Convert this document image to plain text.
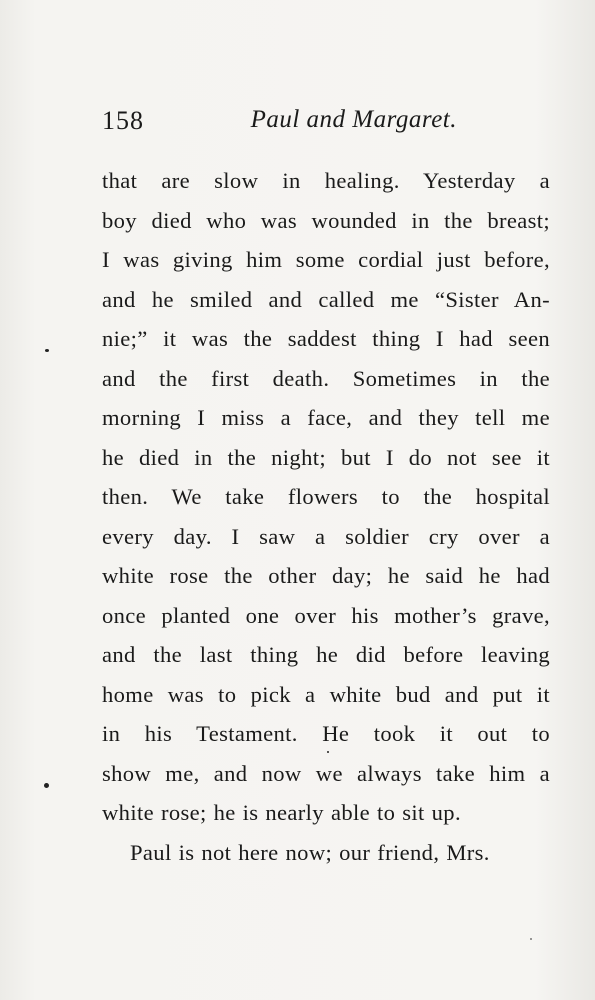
158	Paul and Margaret.
that are slow in healing. Yesterday a
boy died who was wounded in the breast;
I was giving him some cordial just before,
and he smiled and called me “Sister An-
nie;” it was the saddest thing I had seen
and the first death. Sometimes in the
morning I miss a face, and they tell me
he died in the night; but I do not see it
then. We take flowers to the hospital
every day. I saw a soldier cry over a
white rose the other day; he said he had
once planted one over his mother’s grave,
and the last thing he did before leaving
home was to pick a white bud and put it
in his Testament. He took it out to
show me, and now we always take him a
white rose; he is nearly able to sit up.
Paul is not here now; our friend, Mrs.
